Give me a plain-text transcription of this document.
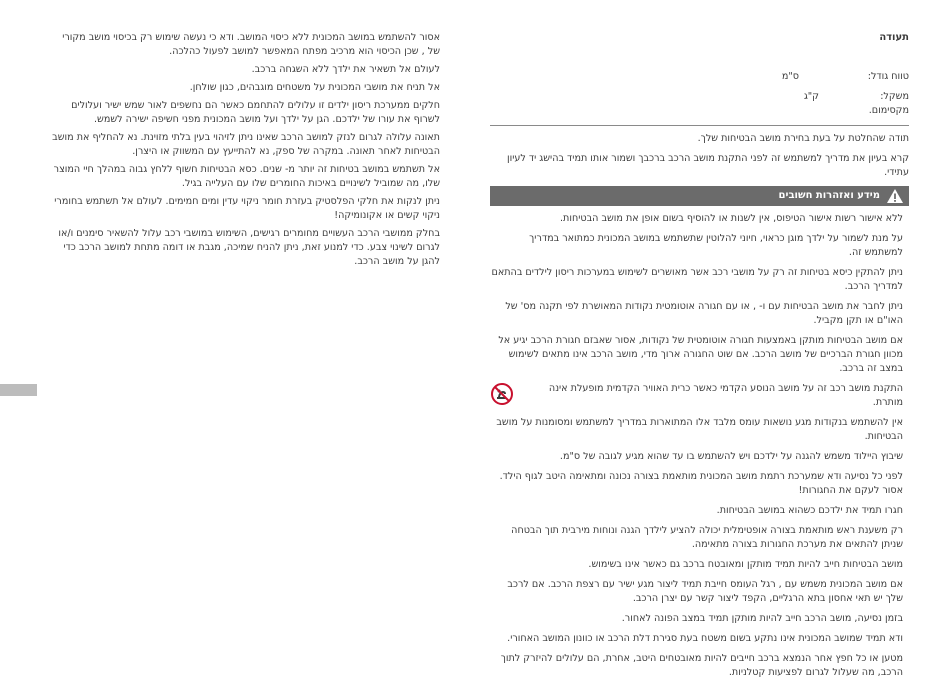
אסור להשתמש במושב המכונית ללא כיסוי המושב. ודא כי נעשה שימוש רק בכיסוי מושב מקורי של , שכן הכיסוי הוא מרכיב מפתח המאפשר למושב לפעול כהלכה.

לעולם אל תשאיר את ילדך ללא השגחה ברכב.

אל תניח את מושבי המכונית על משטחים מוגבהים, כגון שולחן.

חלקים ממערכת ריסון ילדים זו עלולים להתחמם כאשר הם נחשפים לאור שמש ישיר ועלולים לשרוף את עורו של ילדכם. הגן על ילדך ועל מושב המכונית מפני חשיפה ישירה לשמש.

תאונה עלולה לגרום לנזק למושב הרכב שאינו ניתן לזיהוי בעין בלתי מזוינת. נא להחליף את מושב הבטיחות לאחר תאונה. במקרה של ספק, נא להתייעץ עם המשווק או היצרן.

אל תשתמש במושב בטיחות זה יותר מ- שנים. כסא הבטיחות חשוף ללחץ גבוה במהלך חיי המוצר שלו, מה שמוביל לשינויים באיכות החומרים שלו עם העלייה בגיל.

ניתן לנקות את חלקי הפלסטיק בעזרת חומר ניקוי עדין ומים חמימים. לעולם אל תשתמש בחומרי ניקוי קשים או אקונומיקה!

בחלק ממושבי הרכב העשויים מחומרים רגישים, השימוש במושבי רכב עלול להשאיר סימנים ו/או לגרום לשינוי צבע. כדי למנוע זאת, ניתן להניח שמיכה, מגבת או דומה מתחת למושב הרכב כדי להגן על מושב הרכב.

תעודה
טווח גודל:
ס"מ
משקל: מקסימום.
ק"ג

תודה שהחלטת על בעת בחירת מושב הבטיחות שלך.

קרא בעיון את מדריך למשתמש זה לפני התקנת מושב הרכב ברכבך ושמור אותו תמיד בהישג יד לעיון עתידי.

מידע ואזהרות חשובים

ללא אישור רשות אישור הטיפוס, אין לשנות או להוסיף בשום אופן את מושב הבטיחות.

על מנת לשמור על ילדך מוגן כראוי, חיוני להלוטין שתשתמש במושב המכונית כמתואר במדריך למשתמש זה.

ניתן להתקין כיסא בטיחות זה רק על מושבי רכב אשר מאושרים לשימוש במערכות ריסון לילדים בהתאם למדריך הרכב.

ניתן לחבר את מושב הבטיחות עם ו- , או עם חגורה אוטומטית נקודות המאושרת לפי תקנה מס' של האו"ם או תקן מקביל.

אם מושב הבטיחות מותקן באמצעות חגורה אוטומטית של נקודות, אסור שאבזם חגורת הרכב יגיע אל מכוון חגורת הברכיים של מושב הרכב. אם שוט החגורה ארוך מדי, מושב הרכב אינו מתאים לשימוש במצב זה ברכב.

התקנת מושב רכב זה על מושב הנוסע הקדמי כאשר כרית האוויר הקדמית מופעלת אינה מותרת.

אין להשתמש בנקודות מגע נושאות עומס מלבד אלו המתוארות במדריך למשתמש ומסומנות על מושב הבטיחות.

שיבוץ היילוד משמש להגנה על ילדכם ויש להשתמש בו עד שהוא מגיע לגובה של ס"מ.

לפני כל נסיעה ודא שמערכת רתמת מושב המכונית מותאמת בצורה נכונה ומתאימה היטב לגוף הילד. אסור לעקם את החגורות!

חגרו תמיד את ילדכם כשהוא במושב הבטיחות.

רק משענת ראש מותאמת בצורה אופטימלית יכולה להציע לילדך הגנה ונוחות מירבית תוך הבטחה שניתן להתאים את מערכת החגורות בצורה מתאימה.

מושב הבטיחות חייב להיות תמיד מותקן ומאובטח ברכב גם כאשר אינו בשימוש.

אם מושב המכונית משמש עם , רגל העומס חייבת תמיד ליצור מגע ישיר עם רצפת הרכב. אם לרכב שלך יש תאי אחסון בתא הרגליים, הקפד ליצור קשר עם יצרן הרכב.

בזמן נסיעה, מושב הרכב חייב להיות מותקן תמיד במצב הפונה לאחור.

ודא תמיד שמושב המכונית אינו נתקע בשום משטח בעת סגירת דלת הרכב או כוונון המושב האחורי.

מטען או כל חפץ אחר הנמצא ברכב חייבים להיות מאובטחים היטב, אחרת, הם עלולים להיזרק לתוך הרכב, מה שעלול לגרום לפציעות קטלניות.
